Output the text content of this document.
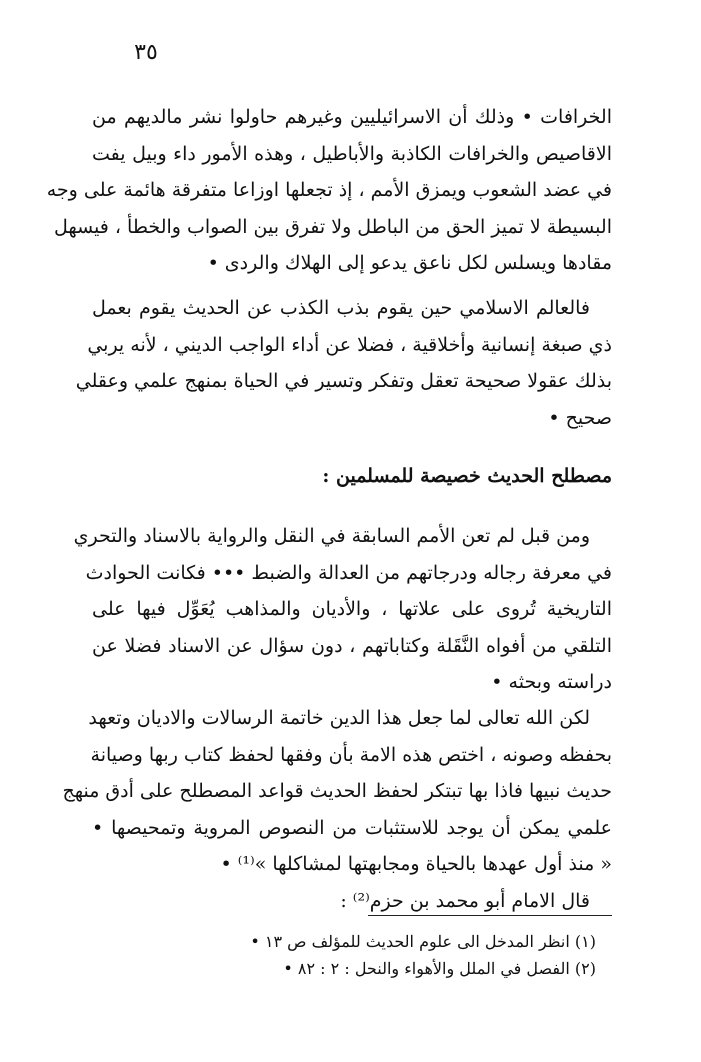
٣٥
الخرافات • وذلك أن الاسرائيليين وغيرهم حاولوا نشر مالديهم من
الاقاصيص والخرافات الكاذبة والأباطيل ، وهذه الأمور داء وبيل يفت
في عضد الشعوب ويمزق الأمم ، إذ تجعلها اوزاعا متفرقة هائمة على وجه
البسيطة لا تميز الحق من الباطل ولا تفرق بين الصواب والخطأ ، فيسهل
مقادها ويسلس لكل ناعق يدعو إلى الهلاك والردى •
فالعالم الاسلامي حين يقوم بذب الكذب عن الحديث يقوم بعمل
ذي صبغة إنسانية وأخلاقية ، فضلا عن أداء الواجب الديني ، لأنه يربي
بذلك عقولا صحيحة تعقل وتفكر وتسير في الحياة بمنهج علمي وعقلي
صحيح •
مصطلح الحديث خصيصة للمسلمين :
ومن قبل لم تعن الأمم السابقة في النقل والرواية بالاسناد والتحري
في معرفة رجاله ودرجاتهم من العدالة والضبط ••• فكانت الحوادث
التاريخية تُروى على علاتها ، والأديان والمذاهب يُعَوِّل فيها على
التلقي من أفواه النَّقَلة وكتاباتهم ، دون سؤال عن الاسناد فضلا عن
دراسته وبحثه •
لكن الله تعالى لما جعل هذا الدين خاتمة الرسالات والاديان وتعهد
بحفظه وصونه ، اختص هذه الامة بأن وفقها لحفظ كتاب ربها وصيانة
حديث نبيها فاذا بها تبتكر لحفظ الحديث قواعد المصطلح على أدق منهج
علمي يمكن أن يوجد للاستثبات من النصوص المروية وتمحيصها •
« منذ أول عهدها بالحياة ومجابهتها لمشاكلها »⁽¹⁾ •
قال الامام أبو محمد بن حزم⁽²⁾ :
(١) انظر المدخل الى علوم الحديث للمؤلف ص ١٣ •
(٢) الفصل في الملل والأهواء والنحل : ٢ : ٨٢ •
